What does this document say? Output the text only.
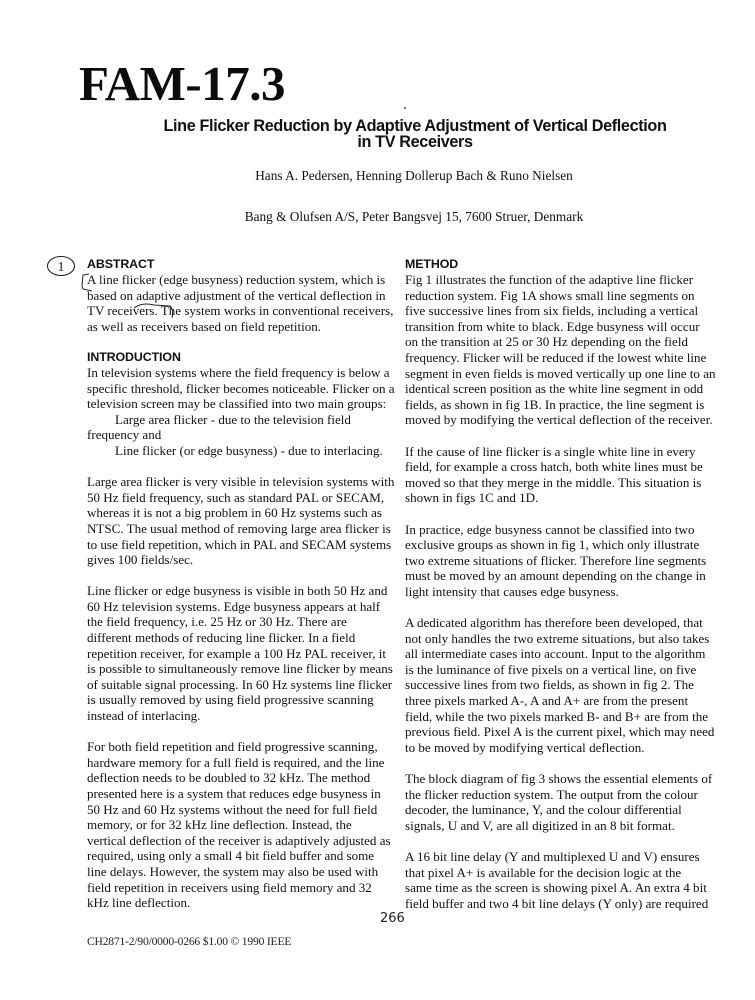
FAM-17.3
Line Flicker Reduction by Adaptive Adjustment of Vertical Deflection
in TV Receivers
Hans A. Pedersen, Henning Dollerup Bach & Runo Nielsen
Bang & Olufsen A/S, Peter Bangsvej 15, 7600 Struer, Denmark
1 ABSTRACT

A line flicker (edge busyness) reduction system, which is
based on adaptive adjustment of the vertical deflection in
TV receivers. The system works in conventional receivers,
as well as receivers based on field repetition.

INTRODUCTION

In television systems where the field frequency is below a
specific threshold, flicker becomes noticeable. Flicker on a
television screen may be classified into two main groups:
Large area flicker - due to the television field
frequency and
Line flicker (or edge busyness) - due to interlacing.

Large area flicker is very visible in television systems with
50 Hz field frequency, such as standard PAL or SECAM,
whereas it is not a big problem in 60 Hz systems such as
NTSC. The usual method of removing large area flicker is
to use field repetition, which in PAL and SECAM systems
gives 100 fields/sec.

Line flicker or edge busyness is visible in both 50 Hz and
60 Hz television systems. Edge busyness appears at half
the field frequency, i.e. 25 Hz or 30 Hz. There are
different methods of reducing line flicker. In a field
repetition receiver, for example a 100 Hz PAL receiver, it
is possible to simultaneously remove line flicker by means
of suitable signal processing. In 60 Hz systems line flicker
is usually removed by using field progressive scanning
instead of interlacing.

For both field repetition and field progressive scanning,
hardware memory for a full field is required, and the line
deflection needs to be doubled to 32 kHz. The method
presented here is a system that reduces edge busyness in
50 Hz and 60 Hz systems without the need for full field
memory, or for 32 kHz line deflection. Instead, the
vertical deflection of the receiver is adaptively adjusted as
required, using only a small 4 bit field buffer and some
line delays. However, the system may also be used with
field repetition in receivers using field memory and 32
kHz line deflection.

METHOD

Fig 1 illustrates the function of the adaptive line flicker
reduction system. Fig 1A shows small line segments on
five successive lines from six fields, including a vertical
transition from white to black. Edge busyness will occur
on the transition at 25 or 30 Hz depending on the field
frequency. Flicker will be reduced if the lowest white line
segment in even fields is moved vertically up one line to an
identical screen position as the white line segment in odd
fields, as shown in fig 1B. In practice, the line segment is
moved by modifying the vertical deflection of the receiver.

If the cause of line flicker is a single white line in every
field, for example a cross hatch, both white lines must be
moved so that they merge in the middle. This situation is
shown in figs 1C and 1D.

In practice, edge busyness cannot be classified into two
exclusive groups as shown in fig 1, which only illustrate
two extreme situations of flicker. Therefore line segments
must be moved by an amount depending on the change in
light intensity that causes edge busyness.

A dedicated algorithm has therefore been developed, that
not only handles the two extreme situations, but also takes
all intermediate cases into account. Input to the algorithm
is the luminance of five pixels on a vertical line, on five
successive lines from two fields, as shown in fig 2. The
three pixels marked A-, A and A+ are from the present
field, while the two pixels marked B- and B+ are from the
previous field. Pixel A is the current pixel, which may need
to be moved by modifying vertical deflection.

The block diagram of fig 3 shows the essential elements of
the flicker reduction system. The output from the colour
decoder, the luminance, Y, and the colour differential
signals, U and V, are all digitized in an 8 bit format.

A 16 bit line delay (Y and multiplexed U and V) ensures
that pixel A+ is available for the decision logic at the
same time as the screen is showing pixel A. An extra 4 bit
field buffer and two 4 bit line delays (Y only) are required

266
CH2871-2/90/0000-0266 $1.00 © 1990 IEEE
